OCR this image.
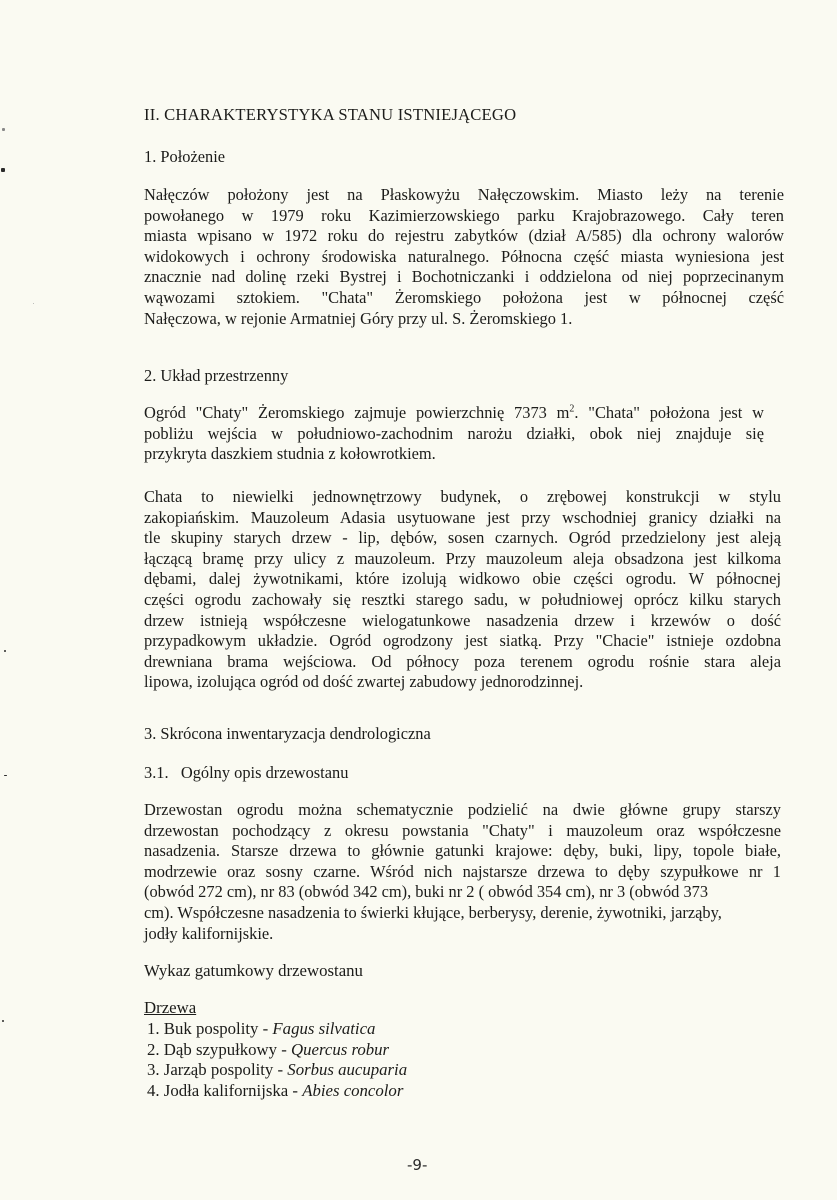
II. CHARAKTERYSTYKA STANU ISTNIEJĄCEGO
1. Położenie
Nałęczów położony jest na Płaskowyżu Nałęczowskim. Miasto leży na terenie
powołanego w 1979 roku Kazimierzowskiego parku Krajobrazowego. Cały teren
miasta wpisano w 1972 roku do rejestru zabytków (dział A/585) dla ochrony walorów
widokowych i ochrony środowiska naturalnego. Północna część miasta wyniesiona jest
znacznie nad dolinę rzeki Bystrej i Bochotniczanki i oddzielona od niej poprzecinanym
wąwozami sztokiem. "Chata" Żeromskiego położona jest w północnej część
Nałęczowa, w rejonie Armatniej Góry przy ul. S. Żeromskiego 1.
2. Układ przestrzenny
Ogród "Chaty" Żeromskiego zajmuje powierzchnię 7373 $m^2$. "Chata" położona jest w
pobliżu wejścia w południowo-zachodnim narożu działki, obok niej znajduje się
przykryta daszkiem studnia z kołowrotkiem.
Chata to niewielki jednownętrzowy budynek, o zrębowej konstrukcji w stylu
zakopiańskim. Mauzoleum Adasia usytuowane jest przy wschodniej granicy działki na
tle skupiny starych drzew - lip, dębów, sosen czarnych. Ogród przedzielony jest aleją
łączącą bramę przy ulicy z mauzoleum. Przy mauzoleum aleja obsadzona jest kilkoma
dębami, dalej żywotnikami, które izolują widkowo obie części ogrodu. W północnej
części ogrodu zachowały się resztki starego sadu, w południowej oprócz kilku starych
drzew istnieją współczesne wielogatunkowe nasadzenia drzew i krzewów o dość
przypadkowym układzie. Ogród ogrodzony jest siatką. Przy "Chacie" istnieje ozdobna
drewniana brama wejściowa. Od północy poza terenem ogrodu rośnie stara aleja
lipowa, izolująca ogród od dość zwartej zabudowy jednorodzinnej.
3. Skrócona inwentaryzacja dendrologiczna
3.1.   Ogólny opis drzewostanu
Drzewostan ogrodu można schematycznie podzielić na dwie główne grupy starszy
drzewostan pochodzący z okresu powstania "Chaty" i mauzoleum oraz współczesne
nasadzenia. Starsze drzewa to głównie gatunki krajowe: dęby, buki, lipy, topole białe,
modrzewie oraz sosny czarne. Wśród nich najstarsze drzewa to dęby szypułkowe nr 1
(obwód 272 cm), nr 83 (obwód 342 cm), buki nr 2 ( obwód 354 cm), nr 3 (obwód 373
cm). Współczesne nasadzenia to świerki kłujące, berberysy, derenie, żywotniki, jarząby,
jodły kalifornijskie.
Wykaz gatumkowy drzewostanu
Drzewa
1. Buk pospolity - Fagus silvatica
2. Dąb szypułkowy - Quercus robur
3. Jarząb pospolity - Sorbus aucuparia
4. Jodła kalifornijska - Abies concolor
-9-
